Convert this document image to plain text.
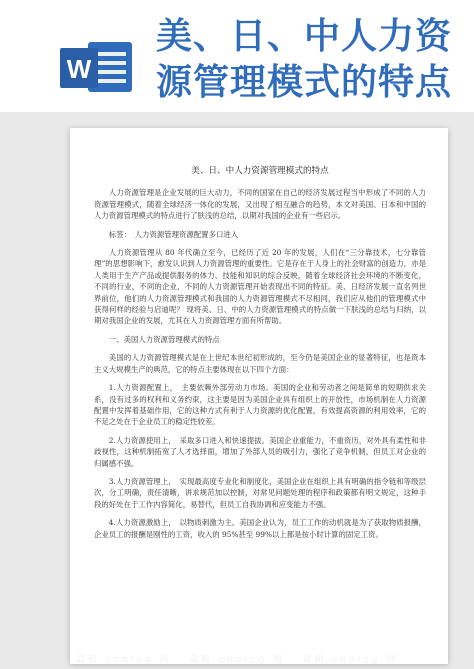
W
美、日、中人力资源管理模式的特点
美、日、中人力资源管理模式的特点

人力资源管理是企业发展的巨大动力，不同的国家在自己的经济发展过程当中形成了不同的人力资源管理模式，随着全球经济一体化的发展，又出现了相互融合的趋势，本文对美国、日本和中国的人力资源管理模式的特点进行了肤浅的总结，以期对我国的企业有一些启示。

标签：　人力资源管理资源配置多口进入

人力资源管理从 80 年代确立至今，已经历了近 20 年的发展，人们在“三分靠技术，七分靠管理”的思想影响下，愈发认识到人力资源管理的重要性。它是存在于人身上的社会财富的创造力，亦是人类用于生产产品或提供服务的体力、技能和知识的综合反映，随着全球经济社会环境的不断变化，不同的行业，不同的企业，不同的人力资源管理开始表现出不同的特征。美、日经济发展一直名列世界前位，他们的人力资源管理模式和我国的人力资源管理模式不尽相同，我们应从他们的管理模式中获得何样的经验与启迪呢？ 现将美、日、中的人力资源管理模式的特点做一下肤浅的总结与归纳，以期对我国企业的发展，尤其在人力资源管理方面有所帮助。

一、美国人力资源管理模式的特点

美国的人力资源管理模式是在上世纪本世纪初形成的，至今仍是美国企业的显著特征，也是资本主义大规模生产的典范，它的特点主要体现在以下四个方面：

1.人力资源配置上，　主要依赖外部劳动力市场。美国的企业和劳动者之间是简单的短期供求关系，没有过多的权利和义务约束，这主要是因为美国企业具有组织上的开放性，市场机制在人力资源配置中发挥着基础作用，它的这种方式有利于人力资源的优化配置，有效提高资源的利用效率，它的不足之处在于企业员工的稳定性较差。

2.人力资源使用上，　采取多口进入和快速提拔。美国企业重能力，不重资历，对外具有柔性和非歧视性，这种机制拓宽了人才选择面，增加了外部人员的吸引力，强化了竞争机制，但员工对企业的归属感不强。

3.人力资源管理上，　实现最高度专业化和制度化，美国企业在组织上具有明确的指令链和等级层次，分工明确，责任清晰，讲求规范加以控制，对常见问题处理的程序和政策都有明文规定，这种手段的好处在于工作内容简化，易替代，但员工自我协调和应变能力不强。

4.人力资源激励上，　以物质刺激为主。美国企业认为，员工工作的动机就是为了获取物质报酬，企业员工的报酬是刚性的工资，收入的 95%甚至 99%以上都是按小时计算的固定工资。

最稿 cnblog 网 · 最稿 cnblog 网 · 最稿 cnblog 网
